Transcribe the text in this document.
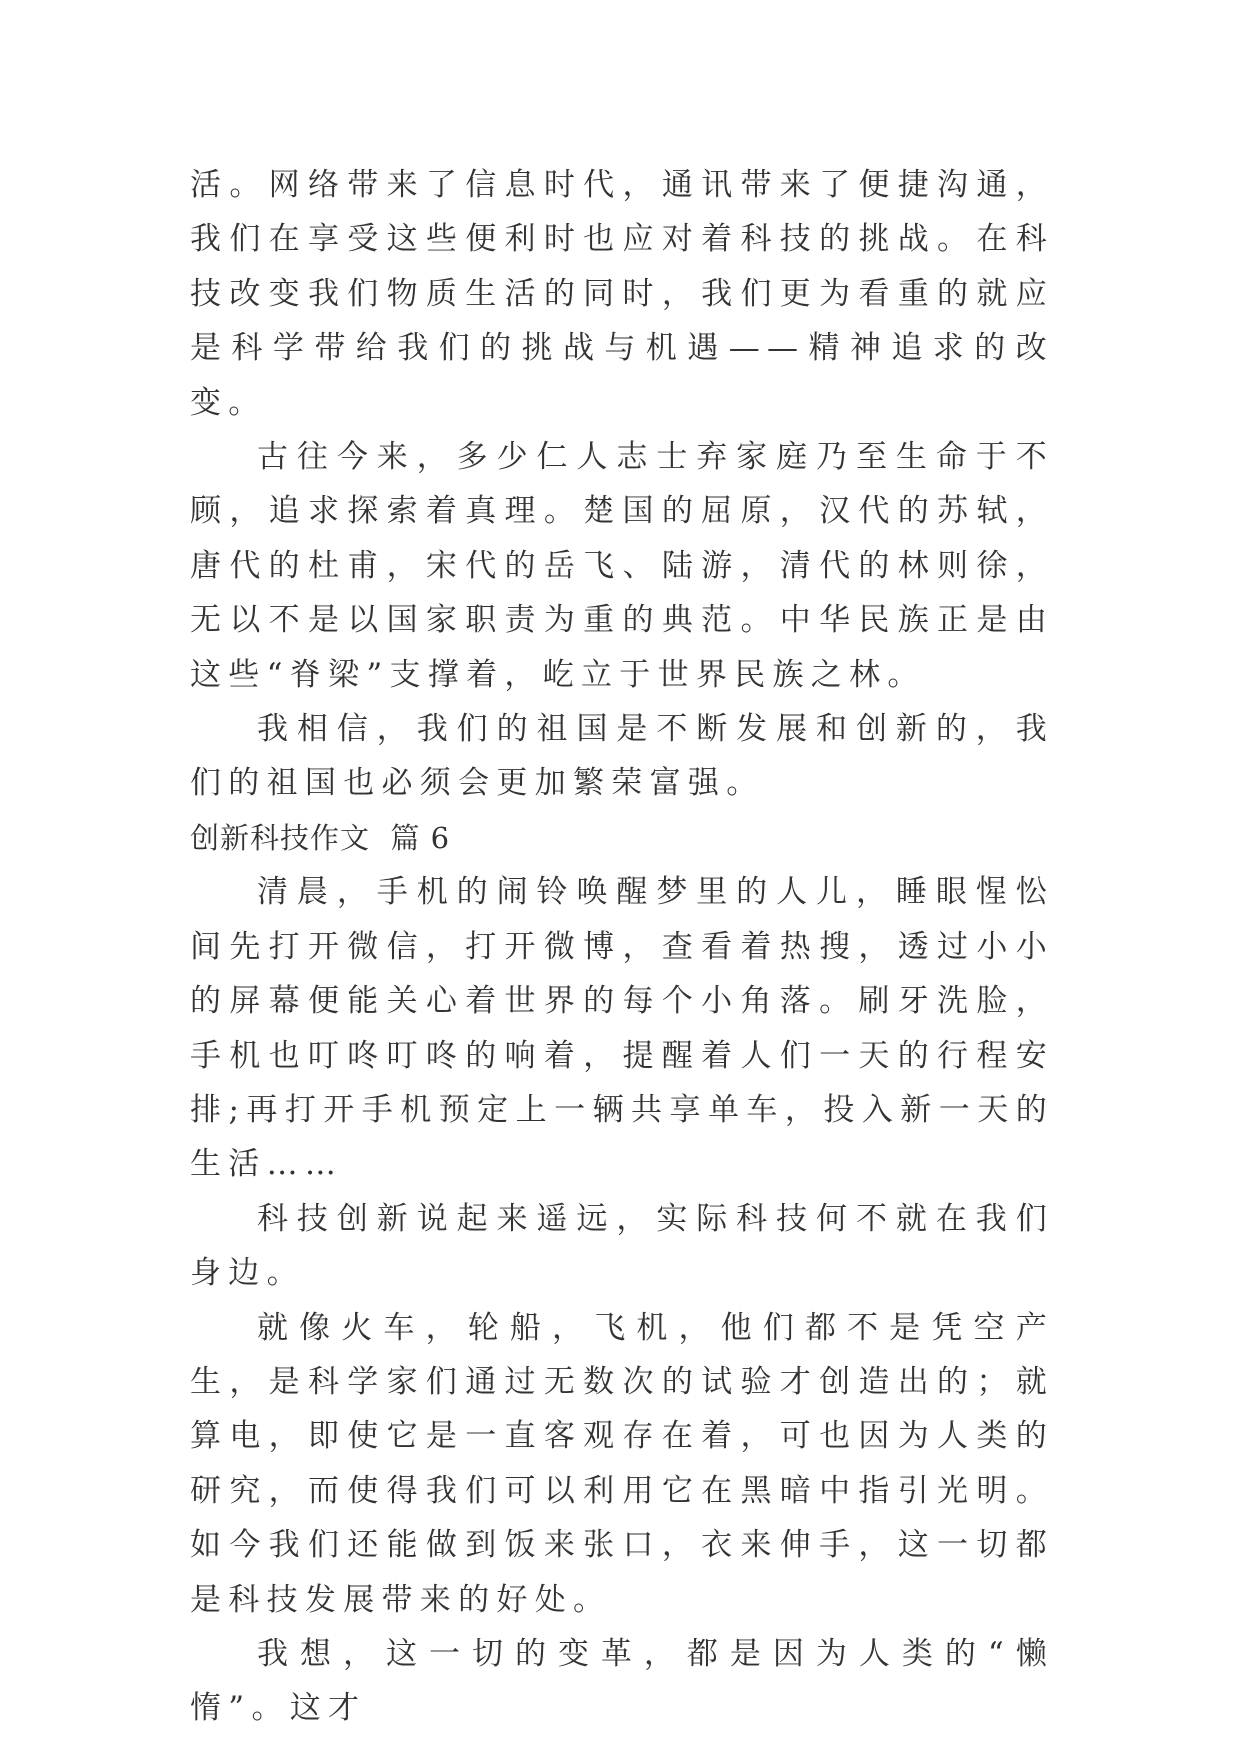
活。网络带来了信息时代，通讯带来了便捷沟通，我们在享受这些便利时也应对着科技的挑战。在科技改变我们物质生活的同时，我们更为看重的就应是科学带给我们的挑战与机遇——精神追求的改变。

古往今来，多少仁人志士弃家庭乃至生命于不顾，追求探索着真理。楚国的屈原，汉代的苏轼，唐代的杜甫，宋代的岳飞、陆游，清代的林则徐，无以不是以国家职责为重的典范。中华民族正是由这些“脊梁”支撑着，屹立于世界民族之林。

我相信，我们的祖国是不断发展和创新的，我们的祖国也必须会更加繁荣富强。

创新科技作文  篇 6

清晨，手机的闹铃唤醒梦里的人儿，睡眼惺忪间先打开微信，打开微博，查看着热搜，透过小小的屏幕便能关心着世界的每个小角落。刷牙洗脸，手机也叮咚叮咚的响着，提醒着人们一天的行程安排;再打开手机预定上一辆共享单车，投入新一天的生活……

科技创新说起来遥远，实际科技何不就在我们身边。

就像火车，轮船，飞机，他们都不是凭空产生，是科学家们通过无数次的试验才创造出的；就算电，即使它是一直客观存在着，可也因为人类的研究，而使得我们可以利用它在黑暗中指引光明。如今我们还能做到饭来张口，衣来伸手，这一切都是科技发展带来的好处。

我想，这一切的变革，都是因为人类的“懒惰”。这才
